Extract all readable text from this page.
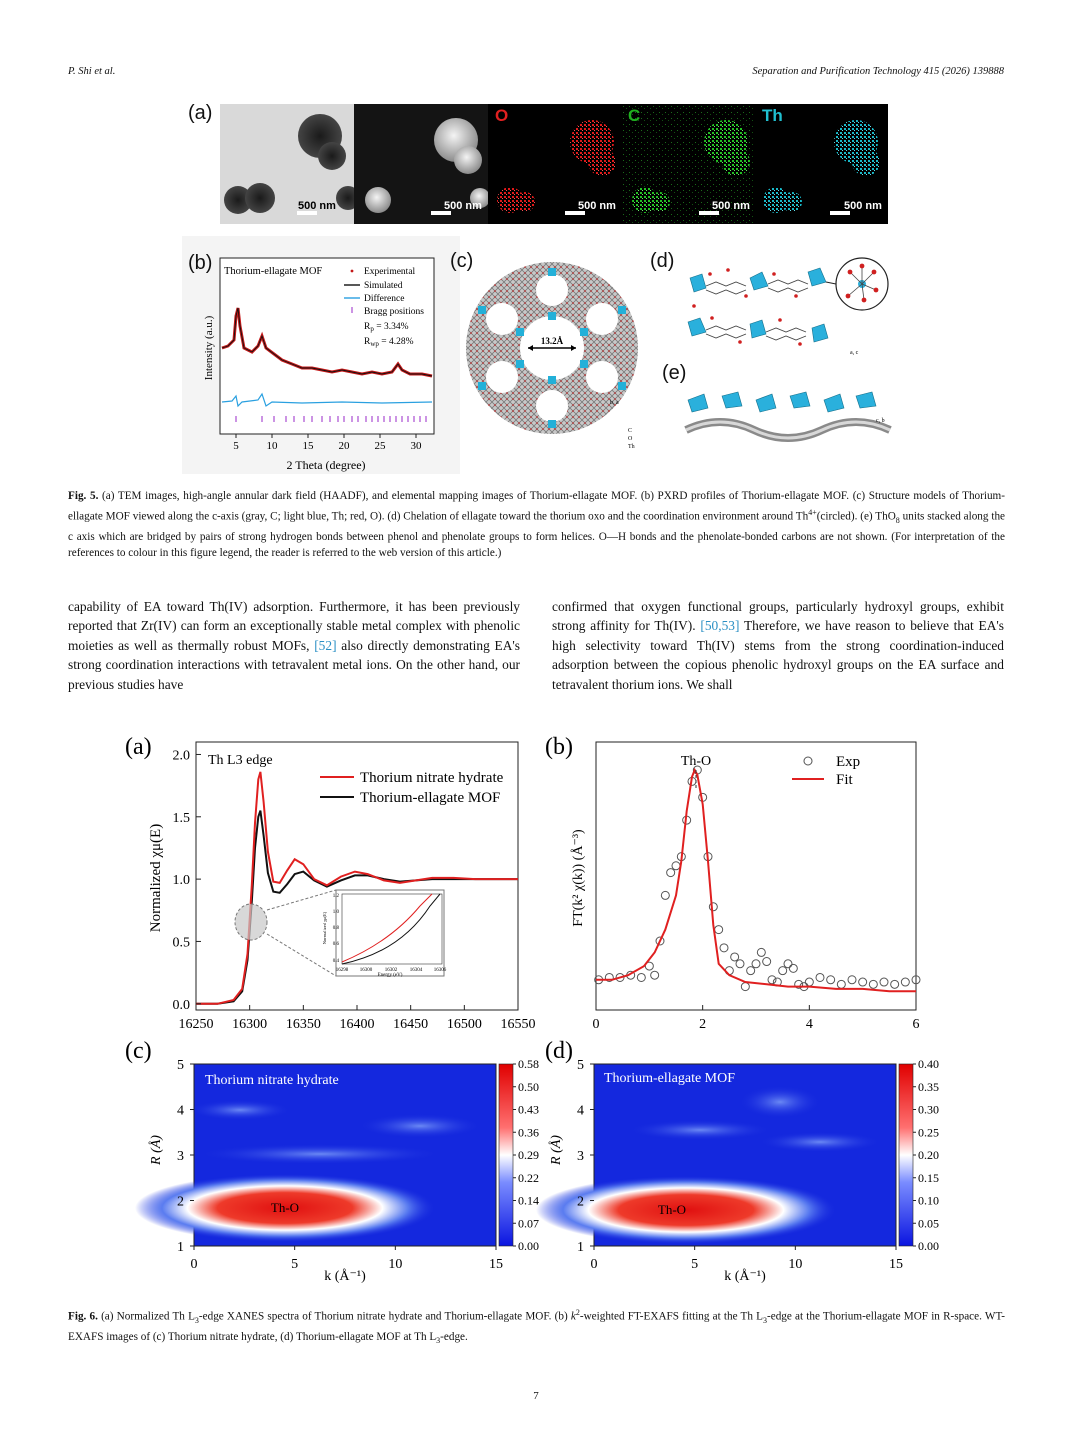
P. Shi et al.	Separation and Purification Technology 415 (2026) 139888
(a)	O	C	Th
500 nm	500 nm	500 nm	500 nm	500 nm
(b)
5	10 15 20 25 30
2 Theta (degree)
Intensity (a.u.)
Thorium-ellagate MOF	Experimental
Simulated
Difference
Bragg positions
$R_p = 3.34\%$
$R_{wp} = 4.28\%$
(c)
13.2Å
C
O
Th
b, a
(d)
(e)
a, c
c, b
Fig. 5. (a) TEM images, high-angle annular dark field (HAADF), and elemental mapping images of Thorium-ellagate MOF. (b) PXRD profiles of Thorium-ellagate MOF. (c) Structure models of Thorium-ellagate MOF viewed along the c-axis (gray, C; light blue, Th; red, O). (d) Chelation of ellagate toward the thorium oxo and the coordination environment around $Th^{4+}(circled)$. (e) ThO$_8$ units stacked along the c axis which are bridged by pairs of strong hydrogen bonds between phenol and phenolate groups to form helices. O—H bonds and the phenolate-bonded carbons are not shown. (For interpretation of the references to colour in this figure legend, the reader is referred to the web version of this article.)
capability of EA toward Th(IV) adsorption. Furthermore, it has been previously reported that Zr(IV) can form an exceptionally stable metal complex with phenolic moieties as well as thermally robust MOFs, [52] also directly demonstrating EA's strong coordination interactions with tetravalent metal ions. On the other hand, our previous studies have
confirmed that oxygen functional groups, particularly hydroxyl groups, exhibit strong affinity for Th(IV). [50,53] Therefore, we have reason to believe that EA's high selectivity toward Th(IV) stems from the strong coordination-induced adsorption between the copious phenolic hydroxyl groups on the EA surface and tetravalent thorium ions. We shall
(a)	(b)
(c)	(d)
16250 16300 16350 16400 16450 16500 16550
0.0
0.5
1.0
1.5
2.0 Th L3 edge
Thorium nitrate hydrate
Thorium-ellagate MOF
Normalized χμ(E)
16298 16300	16302	16304 16306
Energy (eV)
0.4
0.6
0.8
1.0
1.2
Normalized χμ(E)
0	2	4	6
Th-O	Exp
Fit
FT(k² χ(k)) (Å⁻³)
Thorium nitrate hydrate
Th-O
0	5	10	15
1
2
3
4
5	0.58
0.50
0.43
0.36
0.29
0.22
0.14
0.07
0.00
R (Å)
k (Å⁻¹)
Thorium-ellagate MOF
Th-O
0	5	10	15
1
2
3
4
5	0.40
0.35
0.30
0.25
0.20
0.15
0.10
0.05
0.00
R (Å)
k (Å⁻¹)
Fig. 6. (a) Normalized Th $L_3$-edge XANES spectra of Thorium nitrate hydrate and Thorium-ellagate MOF. (b) $k^2$-weighted FT-EXAFS fitting at the Th $L_3$-edge at the Thorium-ellagate MOF in R-space. WT-EXAFS images of (c) Thorium nitrate hydrate, (d) Thorium-ellagate MOF at Th $L_3$-edge.
7
